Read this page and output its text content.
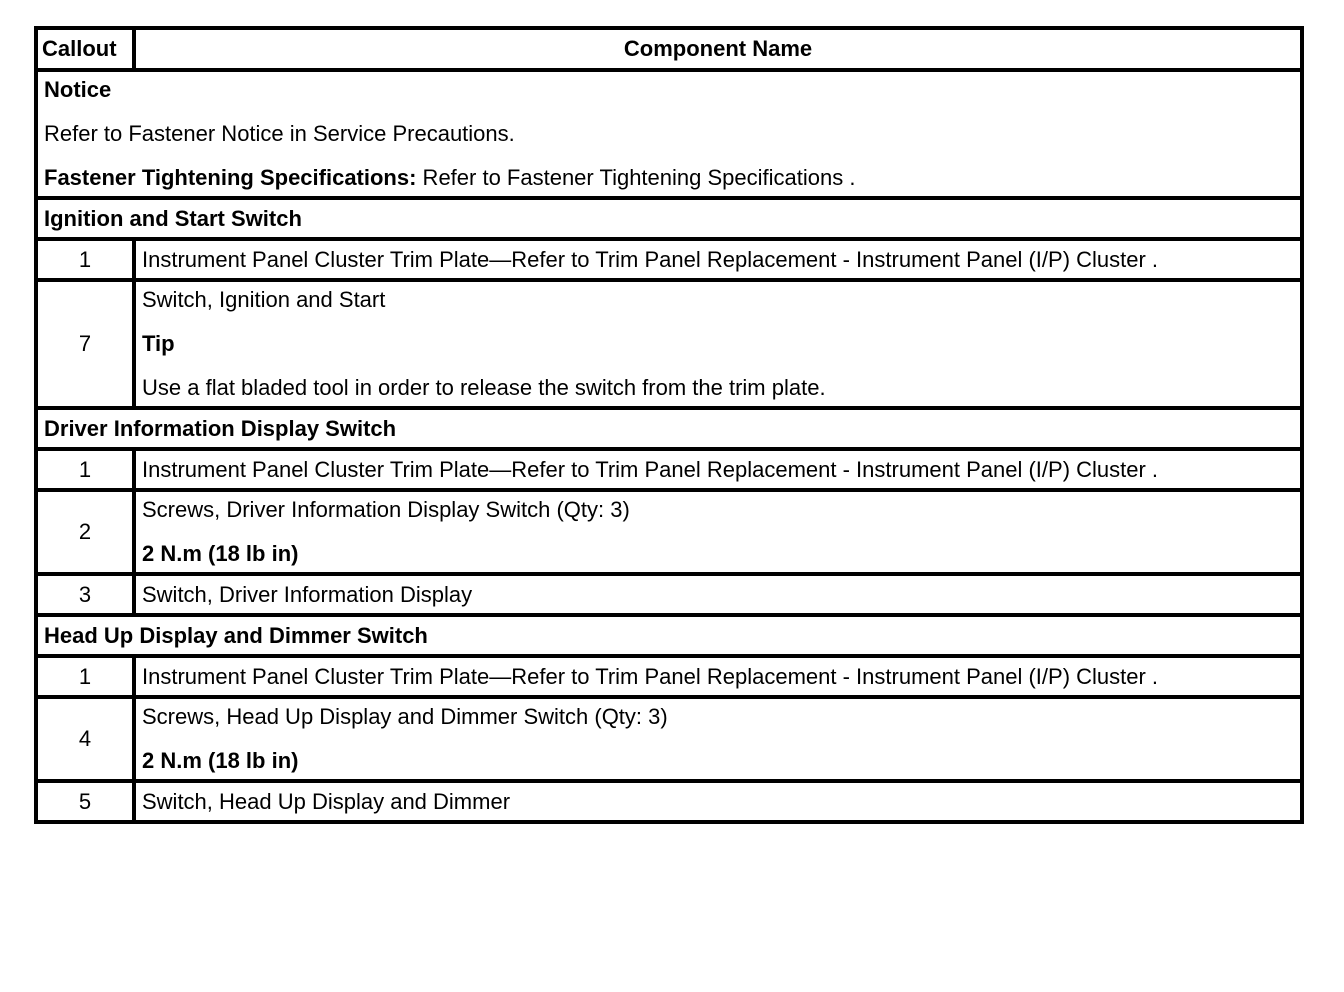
Callout	Component Name

Notice

Refer to Fastener Notice in Service Precautions.

Fastener Tightening Specifications: Refer to Fastener Tightening Specifications .	

Ignition and Start Switch	
1	Instrument Panel Cluster Trim Plate—Refer to Trim Panel Replacement - Instrument Panel (I/P) Cluster .
7	Switch, Ignition and Start

Tip

Use a flat bladed tool in order to release the switch from the trim plate.

Driver Information Display Switch	
1	Instrument Panel Cluster Trim Plate—Refer to Trim Panel Replacement - Instrument Panel (I/P) Cluster .
2	Screws, Driver Information Display Switch (Qty: 3)

2 N.m (18 lb in)

3	Switch, Driver Information Display
Head Up Display and Dimmer Switch	
1	Instrument Panel Cluster Trim Plate—Refer to Trim Panel Replacement - Instrument Panel (I/P) Cluster .
4	Screws, Head Up Display and Dimmer Switch (Qty: 3)

2 N.m (18 lb in)

5	Switch, Head Up Display and Dimmer
